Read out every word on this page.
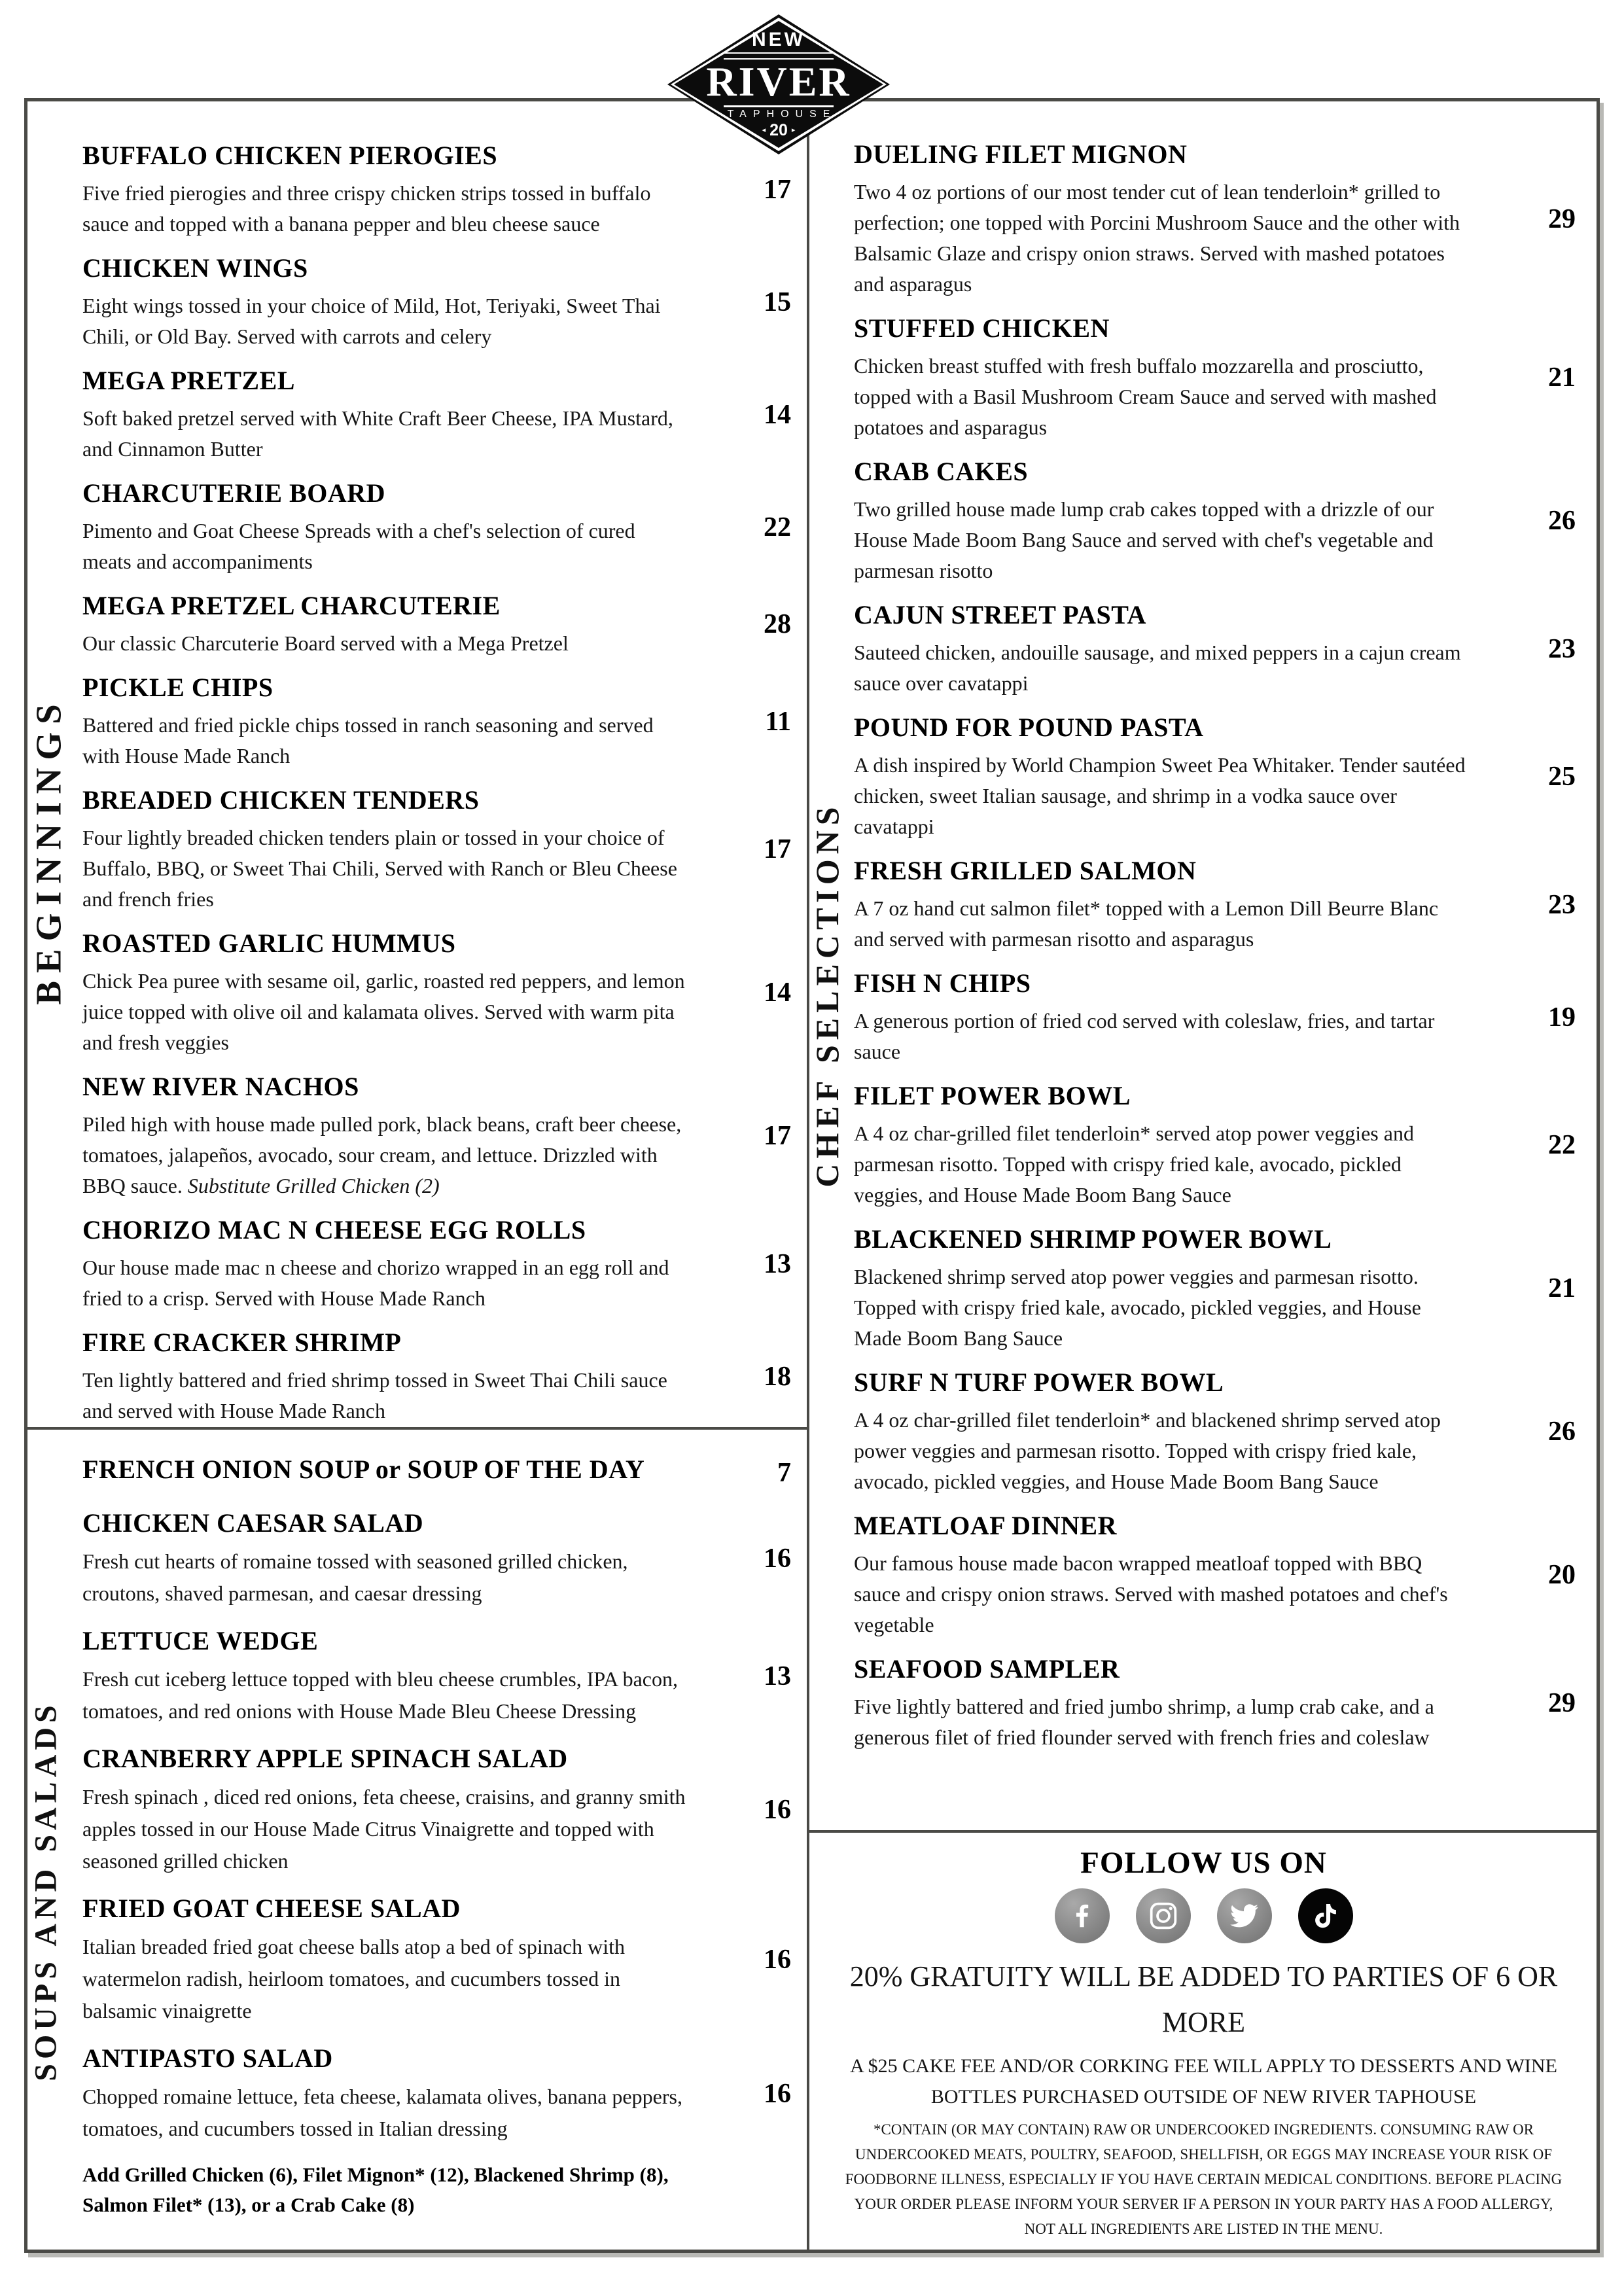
NEW
RIVER
TAPHOUSE
◂ 20 ▸
BEGINNINGS
SOUPS AND SALADS
CHEF SELECTIONS
BUFFALO CHICKEN PIEROGIES

Five fried pierogies and three crispy chicken strips tossed in buffalo sauce and topped with a banana pepper and bleu cheese sauce

17
CHICKEN WINGS

Eight wings tossed in your choice of Mild, Hot, Teriyaki, Sweet Thai Chili, or Old Bay. Served with carrots and celery

15
MEGA PRETZEL

Soft baked pretzel served with White Craft Beer Cheese, IPA Mustard, and Cinnamon Butter

14
CHARCUTERIE BOARD

Pimento and Goat Cheese Spreads with a chef's selection of cured meats and accompaniments

22
MEGA PRETZEL CHARCUTERIE

Our classic Charcuterie Board served with a Mega Pretzel

28
PICKLE CHIPS

Battered and fried pickle chips tossed in ranch seasoning and served with House Made Ranch

11
BREADED CHICKEN TENDERS

Four lightly breaded chicken tenders plain or tossed in your choice of Buffalo, BBQ, or Sweet Thai Chili, Served with Ranch or Bleu Cheese and french fries

17
ROASTED GARLIC HUMMUS

Chick Pea puree with sesame oil, garlic, roasted red peppers, and lemon juice topped with olive oil and kalamata olives. Served with warm pita and fresh veggies

14
NEW RIVER NACHOS

Piled high with house made pulled pork, black beans, craft beer cheese, tomatoes, jalapeños, avocado, sour cream, and lettuce. Drizzled with BBQ sauce. Substitute Grilled Chicken (2)

17
CHORIZO MAC N CHEESE EGG ROLLS

Our house made mac n cheese and chorizo wrapped in an egg roll and fried to a crisp. Served with House Made Ranch

13
FIRE CRACKER SHRIMP

Ten lightly battered and fried shrimp tossed in Sweet Thai Chili sauce and served with House Made Ranch

18
FRENCH ONION SOUP or SOUP OF THE DAY	7
CHICKEN CAESAR SALAD

Fresh cut hearts of romaine tossed with seasoned grilled chicken, croutons, shaved parmesan, and caesar dressing

16
LETTUCE WEDGE

Fresh cut iceberg lettuce topped with bleu cheese crumbles, IPA bacon, tomatoes, and red onions with House Made Bleu Cheese Dressing

13
CRANBERRY APPLE SPINACH SALAD

Fresh spinach , diced red onions, feta cheese, craisins, and granny smith apples tossed in our House Made Citrus Vinaigrette and topped with seasoned grilled chicken

16
FRIED GOAT CHEESE SALAD

Italian breaded fried goat cheese balls atop a bed of spinach with watermelon radish, heirloom tomatoes, and cucumbers tossed in balsamic vinaigrette

16
ANTIPASTO SALAD

Chopped romaine lettuce, feta cheese, kalamata olives, banana peppers, tomatoes, and cucumbers tossed in Italian dressing

16

Add Grilled Chicken (6), Filet Mignon* (12), Blackened Shrimp (8), Salmon Filet* (13), or a Crab Cake (8)

DUELING FILET MIGNON

Two 4 oz portions of our most tender cut of lean tenderloin* grilled to perfection; one topped with Porcini Mushroom Sauce and the other with Balsamic Glaze and crispy onion straws. Served with mashed potatoes and asparagus

29
STUFFED CHICKEN

Chicken breast stuffed with fresh buffalo mozzarella and prosciutto, topped with a Basil Mushroom Cream Sauce and served with mashed potatoes and asparagus

21
CRAB CAKES

Two grilled house made lump crab cakes topped with a drizzle of our House Made Boom Bang Sauce and served with chef's vegetable and parmesan risotto

26
CAJUN STREET PASTA

Sauteed chicken, andouille sausage, and mixed peppers in a cajun cream sauce over cavatappi

23
POUND FOR POUND PASTA

A dish inspired by World Champion Sweet Pea Whitaker. Tender sautéed chicken, sweet Italian sausage, and shrimp in a vodka sauce over cavatappi

25
FRESH GRILLED SALMON

A 7 oz hand cut salmon filet* topped with a Lemon Dill Beurre Blanc and served with parmesan risotto and asparagus

23
FISH N CHIPS

A generous portion of fried cod served with coleslaw, fries, and tartar sauce

19
FILET POWER BOWL

A 4 oz char-grilled filet tenderloin* served atop power veggies and parmesan risotto. Topped with crispy fried kale, avocado, pickled veggies, and House Made Boom Bang Sauce

22
BLACKENED SHRIMP POWER BOWL

Blackened shrimp served atop power veggies and parmesan risotto. Topped with crispy fried kale, avocado, pickled veggies, and House Made Boom Bang Sauce

21
SURF N TURF POWER BOWL

A 4 oz char-grilled filet tenderloin* and blackened shrimp served atop power veggies and parmesan risotto. Topped with crispy fried kale, avocado, pickled veggies, and House Made Boom Bang Sauce

26
MEATLOAF DINNER

Our famous house made bacon wrapped meatloaf topped with BBQ sauce and crispy onion straws. Served with mashed potatoes and chef's vegetable

20
SEAFOOD SAMPLER

Five lightly battered and fried jumbo shrimp, a lump crab cake, and a generous filet of fried flounder served with french fries and coleslaw

29
FOLLOW US ON
20% GRATUITY WILL BE ADDED TO PARTIES OF 6 OR MORE
A $25 CAKE FEE AND/OR CORKING FEE WILL APPLY TO DESSERTS AND WINE BOTTLES PURCHASED OUTSIDE OF NEW RIVER TAPHOUSE
*CONTAIN (OR MAY CONTAIN) RAW OR UNDERCOOKED INGREDIENTS. CONSUMING RAW OR UNDERCOOKED MEATS, POULTRY, SEAFOOD, SHELLFISH, OR EGGS MAY INCREASE YOUR RISK OF FOODBORNE ILLNESS, ESPECIALLY IF YOU HAVE CERTAIN MEDICAL CONDITIONS. BEFORE PLACING YOUR ORDER PLEASE INFORM YOUR SERVER IF A PERSON IN YOUR PARTY HAS A FOOD ALLERGY, NOT ALL INGREDIENTS ARE LISTED IN THE MENU.
